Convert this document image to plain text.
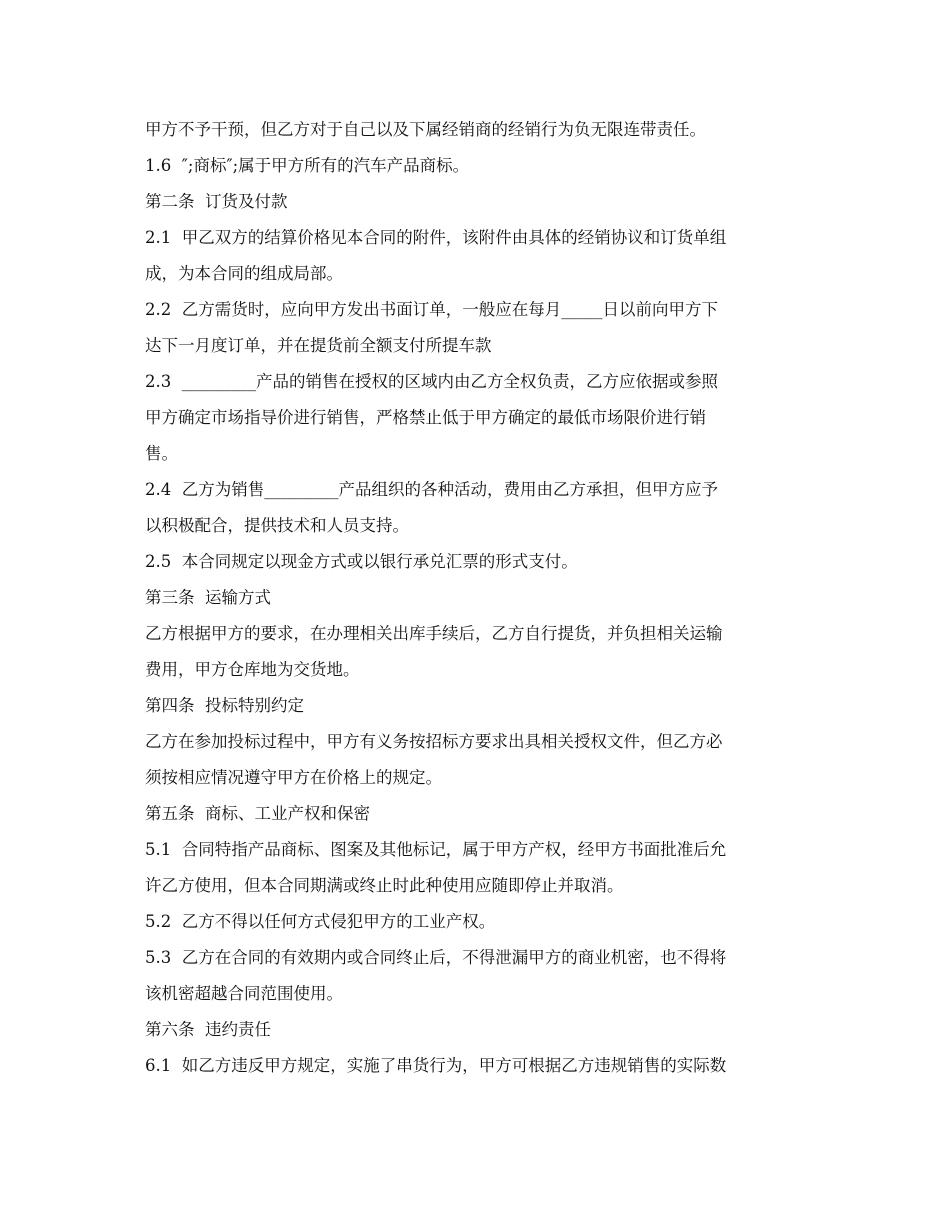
甲方不予干预，但乙方对于自己以及下属经销商的经销行为负无限连带责任。
1.6  ″;商标″;属于甲方所有的汽车产品商标。
第二条  订货及付款
2.1  甲乙双方的结算价格见本合同的附件，该附件由具体的经销协议和订货单组
成，为本合同的组成局部。
2.2  乙方需货时，应向甲方发出书面订单，一般应在每月_____日以前向甲方下
达下一月度订单，并在提货前全额支付所提车款
2.3  _________产品的销售在授权的区域内由乙方全权负责，乙方应依据或参照
甲方确定市场指导价进行销售，严格禁止低于甲方确定的最低市场限价进行销
售。
2.4  乙方为销售_________产品组织的各种活动，费用由乙方承担，但甲方应予
以积极配合，提供技术和人员支持。
2.5  本合同规定以现金方式或以银行承兑汇票的形式支付。
第三条  运输方式
乙方根据甲方的要求，在办理相关出库手续后，乙方自行提货，并负担相关运输
费用，甲方仓库地为交货地。
第四条  投标特别约定
乙方在参加投标过程中，甲方有义务按招标方要求出具相关授权文件，但乙方必
须按相应情况遵守甲方在价格上的规定。
第五条  商标、工业产权和保密
5.1  合同特指产品商标、图案及其他标记，属于甲方产权，经甲方书面批准后允
许乙方使用，但本合同期满或终止时此种使用应随即停止并取消。
5.2  乙方不得以任何方式侵犯甲方的工业产权。
5.3  乙方在合同的有效期内或合同终止后，不得泄漏甲方的商业机密，也不得将
该机密超越合同范围使用。
第六条  违约责任
6.1  如乙方违反甲方规定，实施了串货行为，甲方可根据乙方违规销售的实际数
